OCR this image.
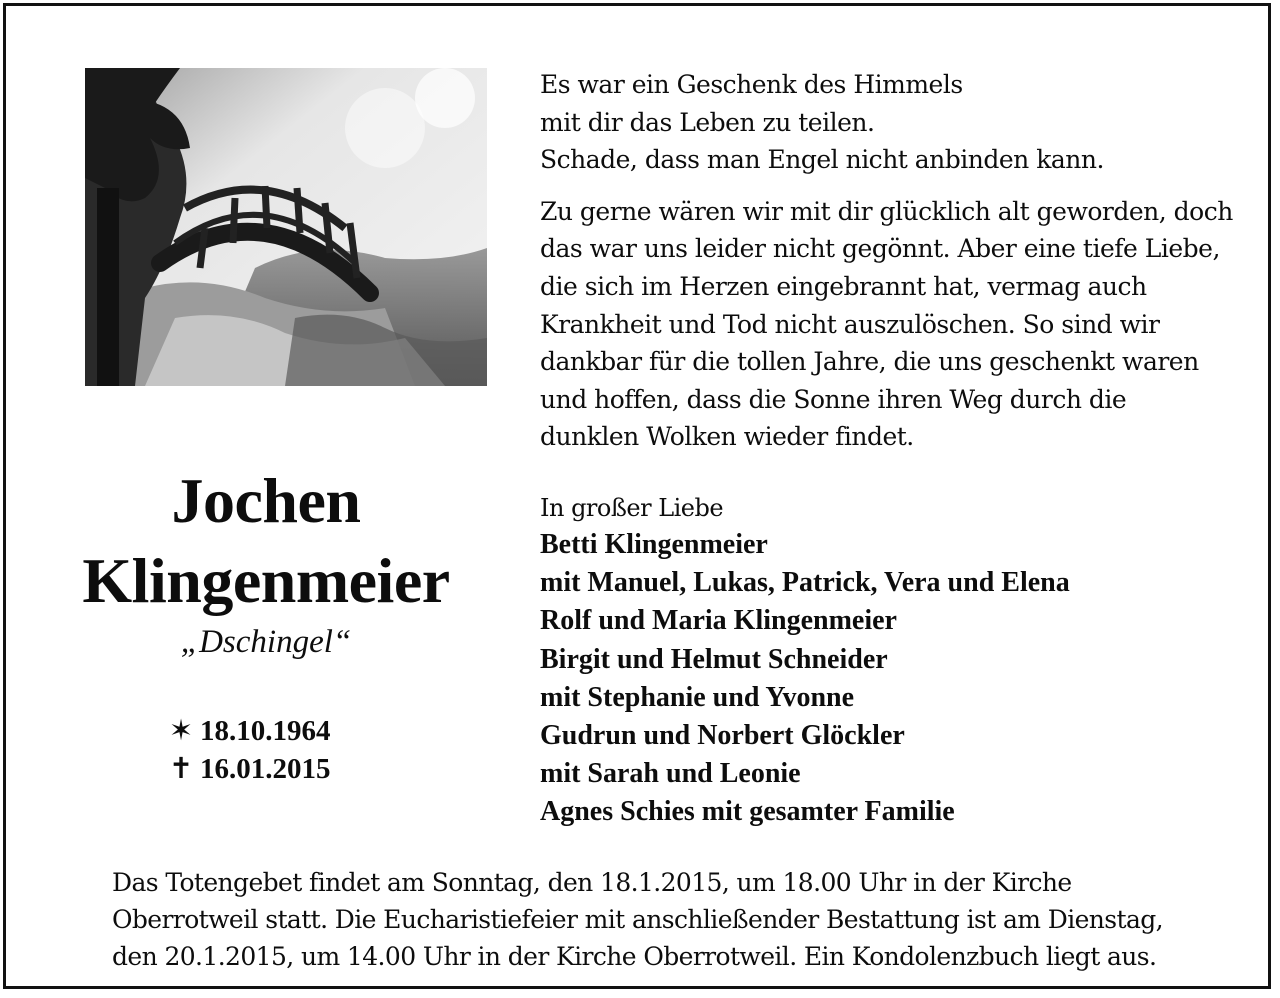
Es war ein Geschenk des Himmels
mit dir das Leben zu teilen.
Schade, dass man Engel nicht anbinden kann.

Zu gerne wären wir mit dir glücklich alt geworden, doch
das war uns leider nicht gegönnt. Aber eine tiefe Liebe,
die sich im Herzen eingebrannt hat, vermag auch
Krankheit und Tod nicht auszulöschen. So sind wir
dankbar für die tollen Jahre, die uns geschenkt waren
und hoffen, dass die Sonne ihren Weg durch die
dunklen Wolken wieder findet.

Jochen
Klingenmeier
„Dschingel“
✶ 18.10.1964
✝ 16.01.2015
In großer Liebe
Betti Klingenmeier
mit Manuel, Lukas, Patrick, Vera und Elena
Rolf und Maria Klingenmeier
Birgit und Helmut Schneider
mit Stephanie und Yvonne
Gudrun und Norbert Glöckler
mit Sarah und Leonie
Agnes Schies mit gesamter Familie
Das Totengebet findet am Sonntag, den 18.1.2015, um 18.00 Uhr in der Kirche
Oberrotweil statt. Die Eucharistiefeier mit anschließender Bestattung ist am Dienstag,
den 20.1.2015, um 14.00 Uhr in der Kirche Oberrotweil. Ein Kondolenzbuch liegt aus.
